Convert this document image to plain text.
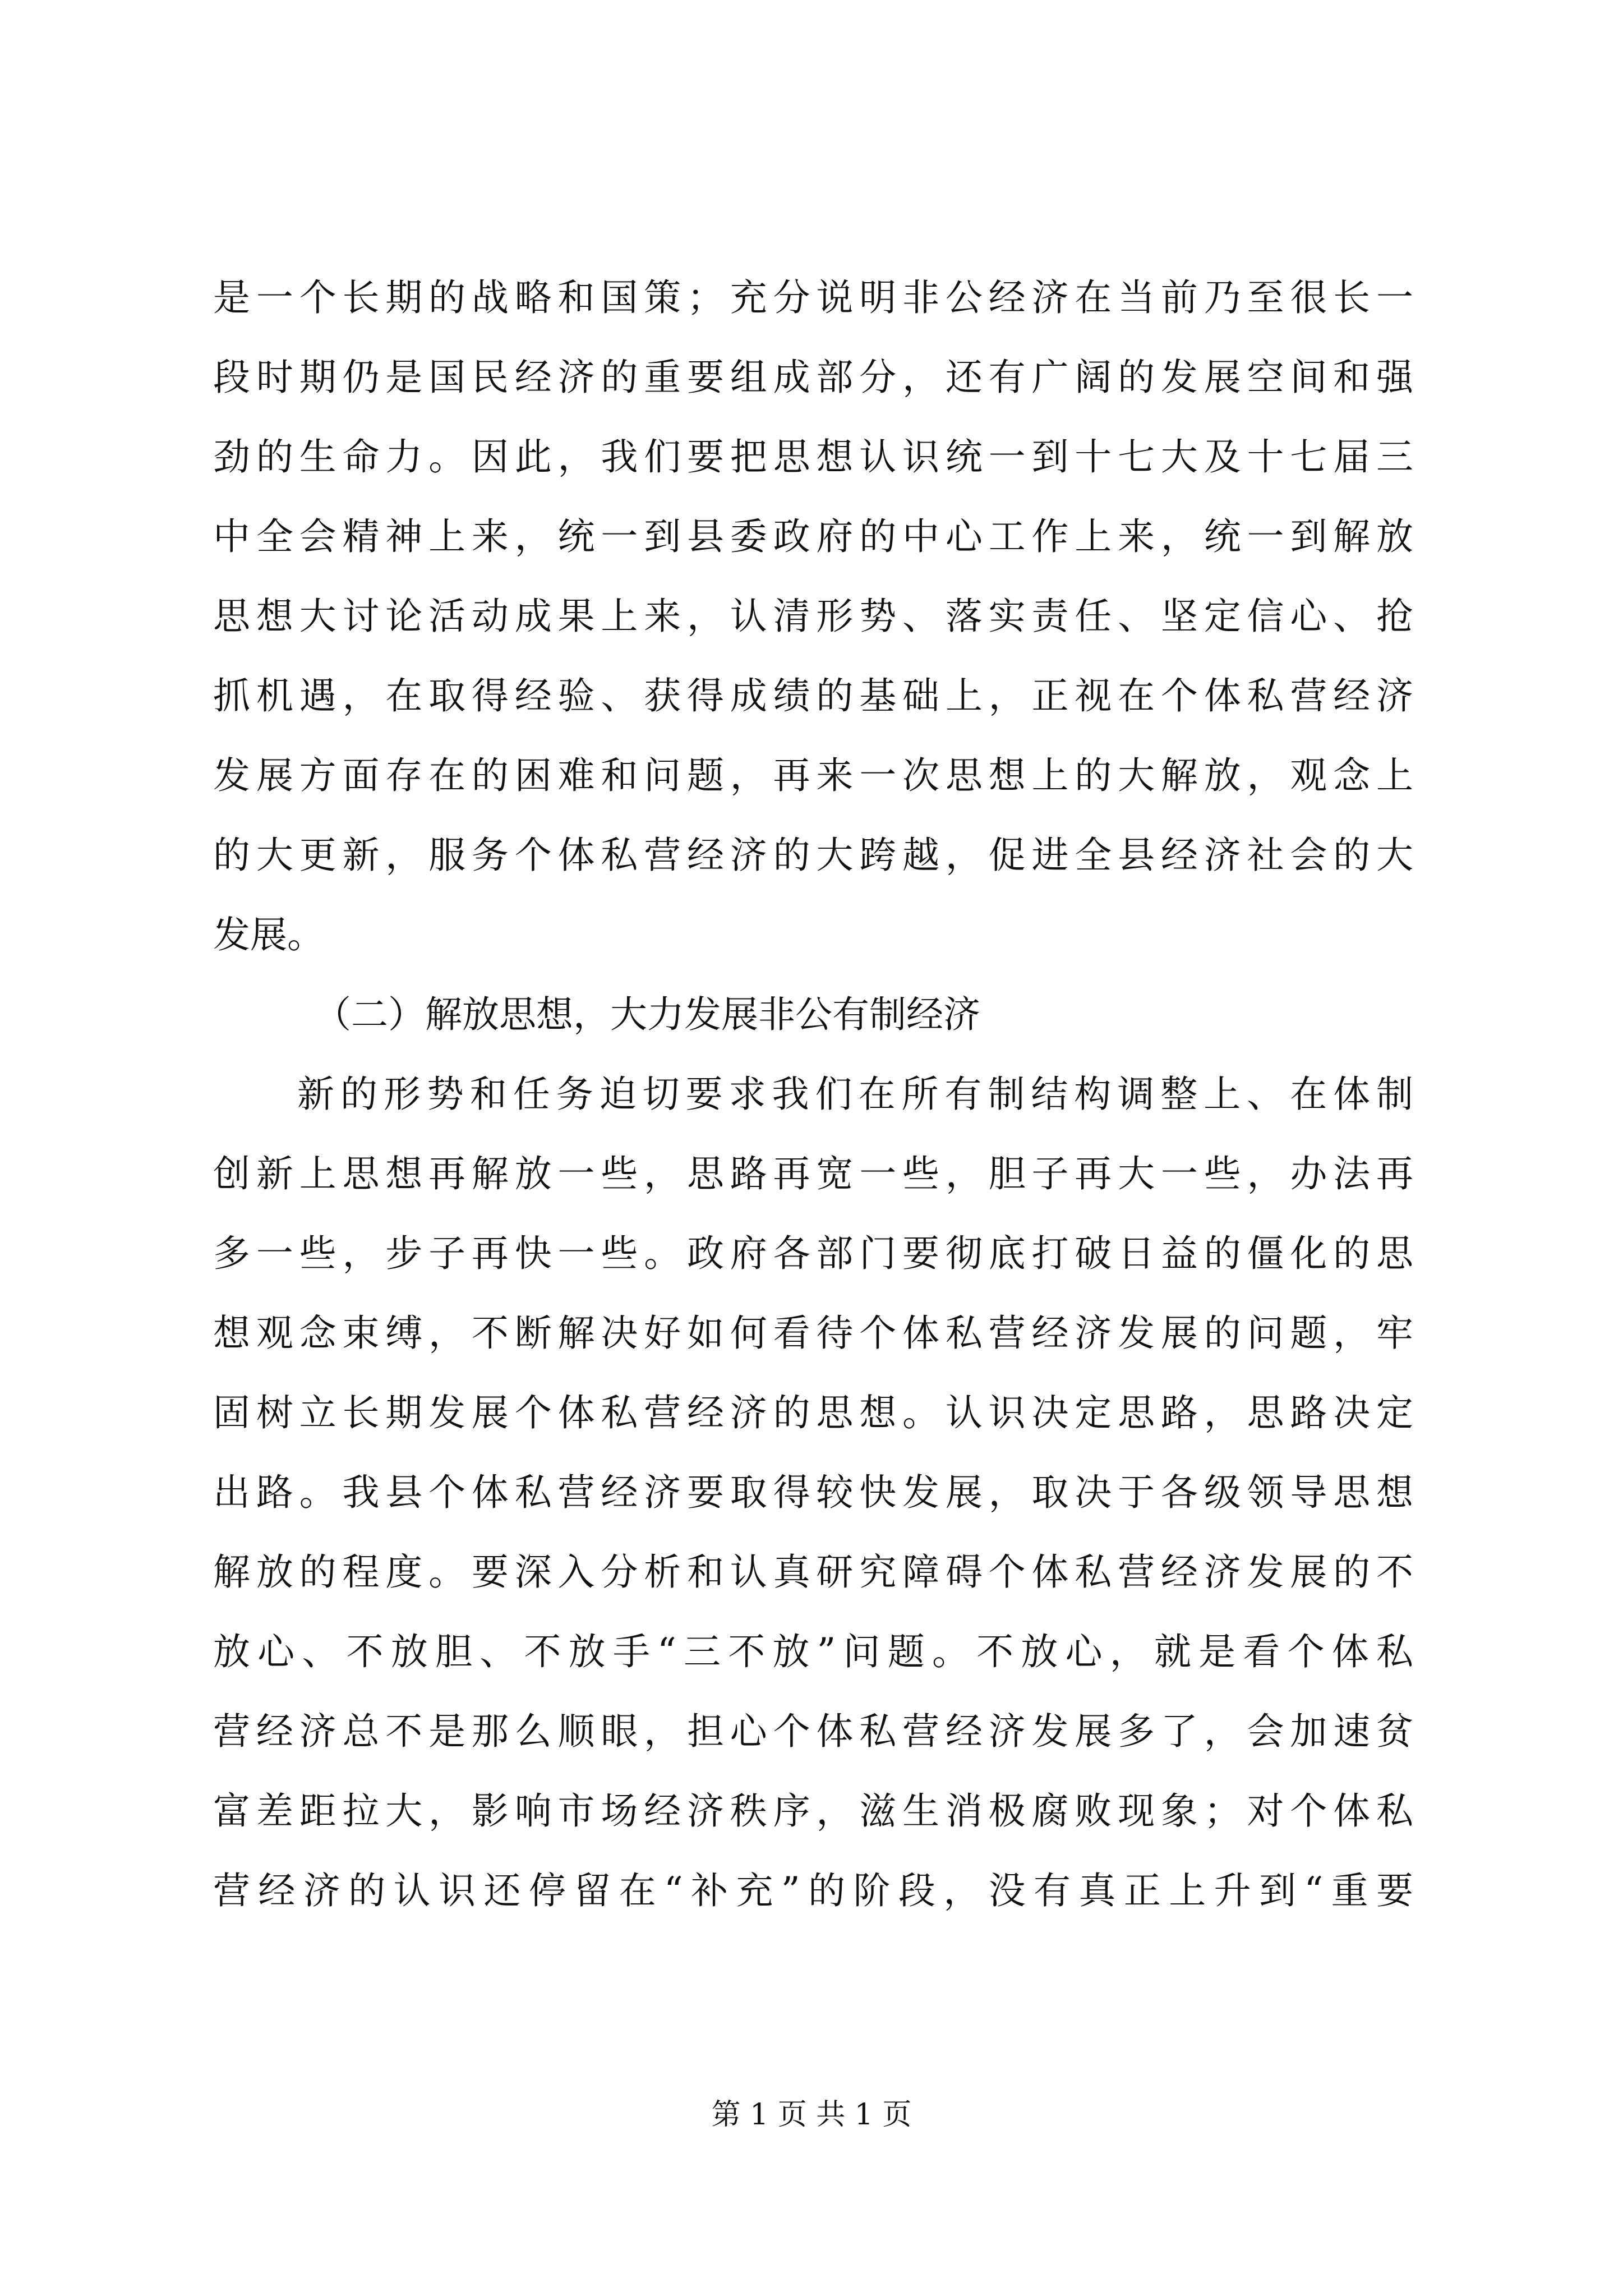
是一个长期的战略和国策；充分说明非公经济在当前乃至很长一
段时期仍是国民经济的重要组成部分，还有广阔的发展空间和强
劲的生命力。因此，我们要把思想认识统一到十七大及十七届三
中全会精神上来，统一到县委政府的中心工作上来，统一到解放
思想大讨论活动成果上来，认清形势、落实责任、坚定信心、抢
抓机遇，在取得经验、获得成绩的基础上，正视在个体私营经济
发展方面存在的困难和问题，再来一次思想上的大解放，观念上
的大更新，服务个体私营经济的大跨越，促进全县经济社会的大
发展。
（二）解放思想，大力发展非公有制经济
新的形势和任务迫切要求我们在所有制结构调整上、在体制
创新上思想再解放一些，思路再宽一些，胆子再大一些，办法再
多一些，步子再快一些。政府各部门要彻底打破日益的僵化的思
想观念束缚，不断解决好如何看待个体私营经济发展的问题，牢
固树立长期发展个体私营经济的思想。认识决定思路，思路决定
出路。我县个体私营经济要取得较快发展，取决于各级领导思想
解放的程度。要深入分析和认真研究障碍个体私营经济发展的不
放心、不放胆、不放手“三不放”问题。不放心，就是看个体私
营经济总不是那么顺眼，担心个体私营经济发展多了，会加速贫
富差距拉大，影响市场经济秩序，滋生消极腐败现象；对个体私
营经济的认识还停留在“补充”的阶段，没有真正上升到“重要
第 1 页 共 1 页
